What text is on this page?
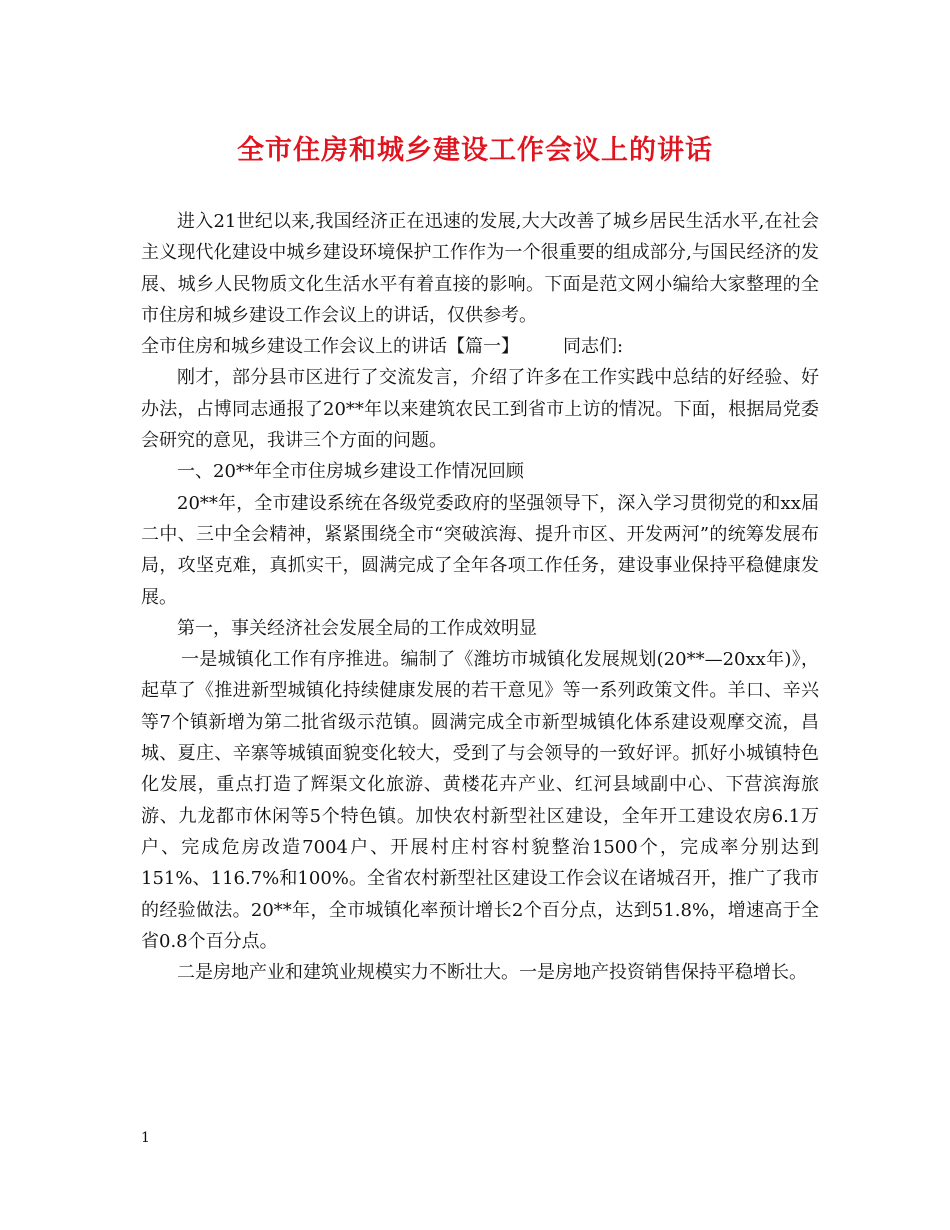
全市住房和城乡建设工作会议上的讲话

进入21世纪以来,我国经济正在迅速的发展,大大改善了城乡居民生活水平,在社会主义现代化建设中城乡建设环境保护工作作为一个很重要的组成部分,与国民经济的发展、城乡人民物质文化生活水平有着直接的影响。下面是范文网小编给大家整理的全市住房和城乡建设工作会议上的讲话，仅供参考。

全市住房和城乡建设工作会议上的讲话【篇一】 同志们:

刚才，部分县市区进行了交流发言，介绍了许多在工作实践中总结的好经验、好办法，占博同志通报了20**年以来建筑农民工到省市上访的情况。下面，根据局党委会研究的意见，我讲三个方面的问题。

一、20**年全市住房城乡建设工作情况回顾

20**年，全市建设系统在各级党委政府的坚强领导下，深入学习贯彻党的和xx届二中、三中全会精神，紧紧围绕全市“突破滨海、提升市区、开发两河”的统筹发展布局，攻坚克难，真抓实干，圆满完成了全年各项工作任务，建设事业保持平稳健康发展。

第一，事关经济社会发展全局的工作成效明显

一是城镇化工作有序推进。编制了《潍坊市城镇化发展规划(20**—20xx年)》，起草了《推进新型城镇化持续健康发展的若干意见》等一系列政策文件。羊口、辛兴等7个镇新增为第二批省级示范镇。圆满完成全市新型城镇化体系建设观摩交流，昌城、夏庄、辛寨等城镇面貌变化较大，受到了与会领导的一致好评。抓好小城镇特色化发展，重点打造了辉渠文化旅游、黄楼花卉产业、红河县域副中心、下营滨海旅游、九龙都市休闲等5个特色镇。加快农村新型社区建设，全年开工建设农房6.1万户、完成危房改造7004户、开展村庄村容村貌整治1500个，完成率分别达到151%、116.7%和100%。全省农村新型社区建设工作会议在诸城召开，推广了我市的经验做法。20**年，全市城镇化率预计增长2个百分点，达到51.8%，增速高于全省0.8个百分点。

二是房地产业和建筑业规模实力不断壮大。一是房地产投资销售保持平稳增长。

1
